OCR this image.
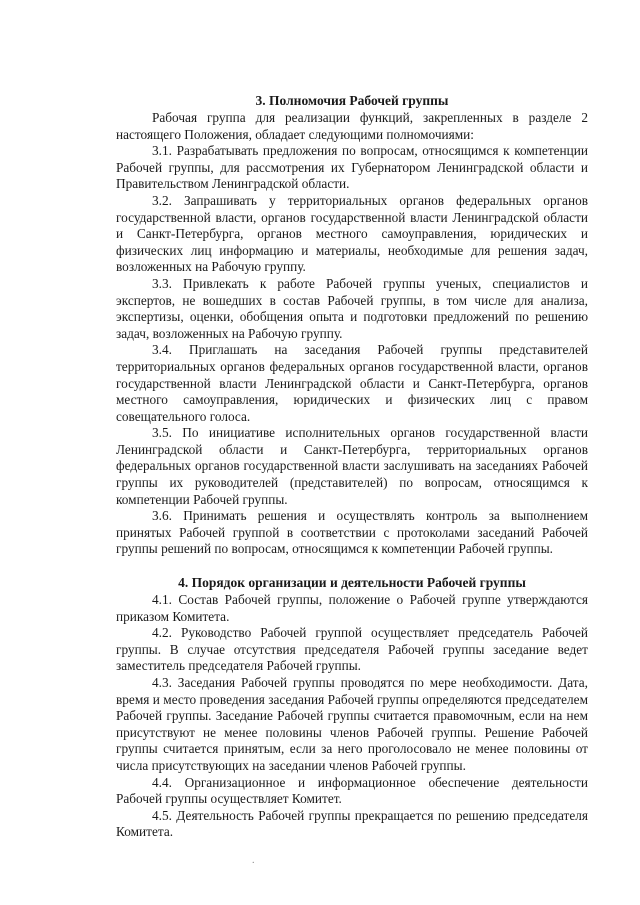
3. Полномочия Рабочей группы

Рабочая группа для реализации функций, закрепленных в разделе 2 настоящего Положения, обладает следующими полномочиями:

3.1. Разрабатывать предложения по вопросам, относящимся к компетенции Рабочей группы, для рассмотрения их Губернатором Ленинградской области и Правительством Ленинградской области.

3.2. Запрашивать у территориальных органов федеральных органов государственной власти, органов государственной власти Ленинградской области и Санкт-Петербурга, органов местного самоуправления, юридических и физических лиц информацию и материалы, необходимые для решения задач, возложенных на Рабочую группу.

3.3. Привлекать к работе Рабочей группы ученых, специалистов и экспертов, не вошедших в состав Рабочей группы, в том числе для анализа, экспертизы, оценки, обобщения опыта и подготовки предложений по решению задач, возложенных на Рабочую группу.

3.4. Приглашать на заседания Рабочей группы представителей территориальных органов федеральных органов государственной власти, органов государственной власти Ленинградской области и Санкт-Петербурга, органов местного самоуправления, юридических и физических лиц с правом совещательного голоса.

3.5. По инициативе исполнительных органов государственной власти Ленинградской области и Санкт-Петербурга, территориальных органов федеральных органов государственной власти заслушивать на заседаниях Рабочей группы их руководителей (представителей) по вопросам, относящимся к компетенции Рабочей группы.

3.6. Принимать решения и осуществлять контроль за выполнением принятых Рабочей группой в соответствии с протоколами заседаний Рабочей группы решений по вопросам, относящимся к компетенции Рабочей группы.

4. Порядок организации и деятельности Рабочей группы

4.1. Состав Рабочей группы, положение о Рабочей группе утверждаются приказом Комитета.

4.2. Руководство Рабочей группой осуществляет председатель Рабочей группы. В случае отсутствия председателя Рабочей группы заседание ведет заместитель председателя Рабочей группы.

4.3. Заседания Рабочей группы проводятся по мере необходимости. Дата, время и место проведения заседания Рабочей группы определяются председателем Рабочей группы. Заседание Рабочей группы считается правомочным, если на нем присутствуют не менее половины членов Рабочей группы. Решение Рабочей группы считается принятым, если за него проголосовало не менее половины от числа присутствующих на заседании членов Рабочей группы.

4.4. Организационное и информационное обеспечение деятельности Рабочей группы осуществляет Комитет.

4.5. Деятельность Рабочей группы прекращается по решению председателя Комитета.

.
